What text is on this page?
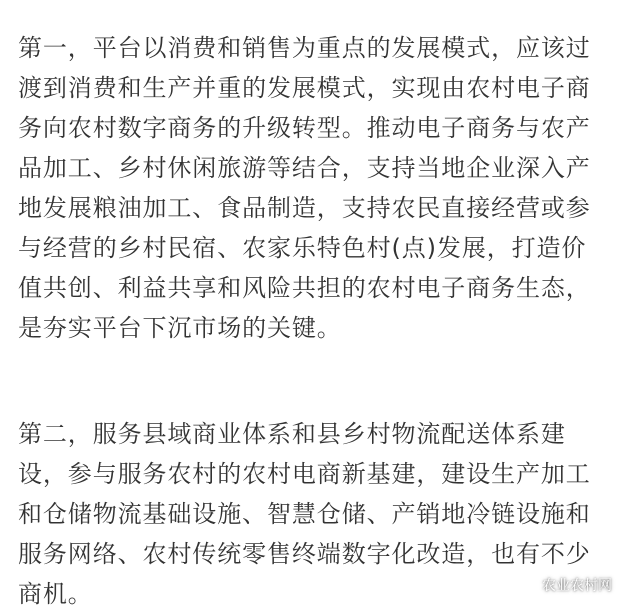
第一，平台以消费和销售为重点的发展模式，应该过渡到消费和生产并重的发展模式，实现由农村电子商务向农村数字商务的升级转型。推动电子商务与农产品加工、乡村休闲旅游等结合，支持当地企业深入产地发展粮油加工、食品制造，支持农民直接经营或参与经营的乡村民宿、农家乐特色村(点)发展，打造价值共创、利益共享和风险共担的农村电子商务生态，是夯实平台下沉市场的关键。

第二，服务县域商业体系和县乡村物流配送体系建设，参与服务农村的农村电商新基建，建设生产加工和仓储物流基础设施、智慧仓储、产销地冷链设施和服务网络、农村传统零售终端数字化改造，也有不少商机。	农业农村网
